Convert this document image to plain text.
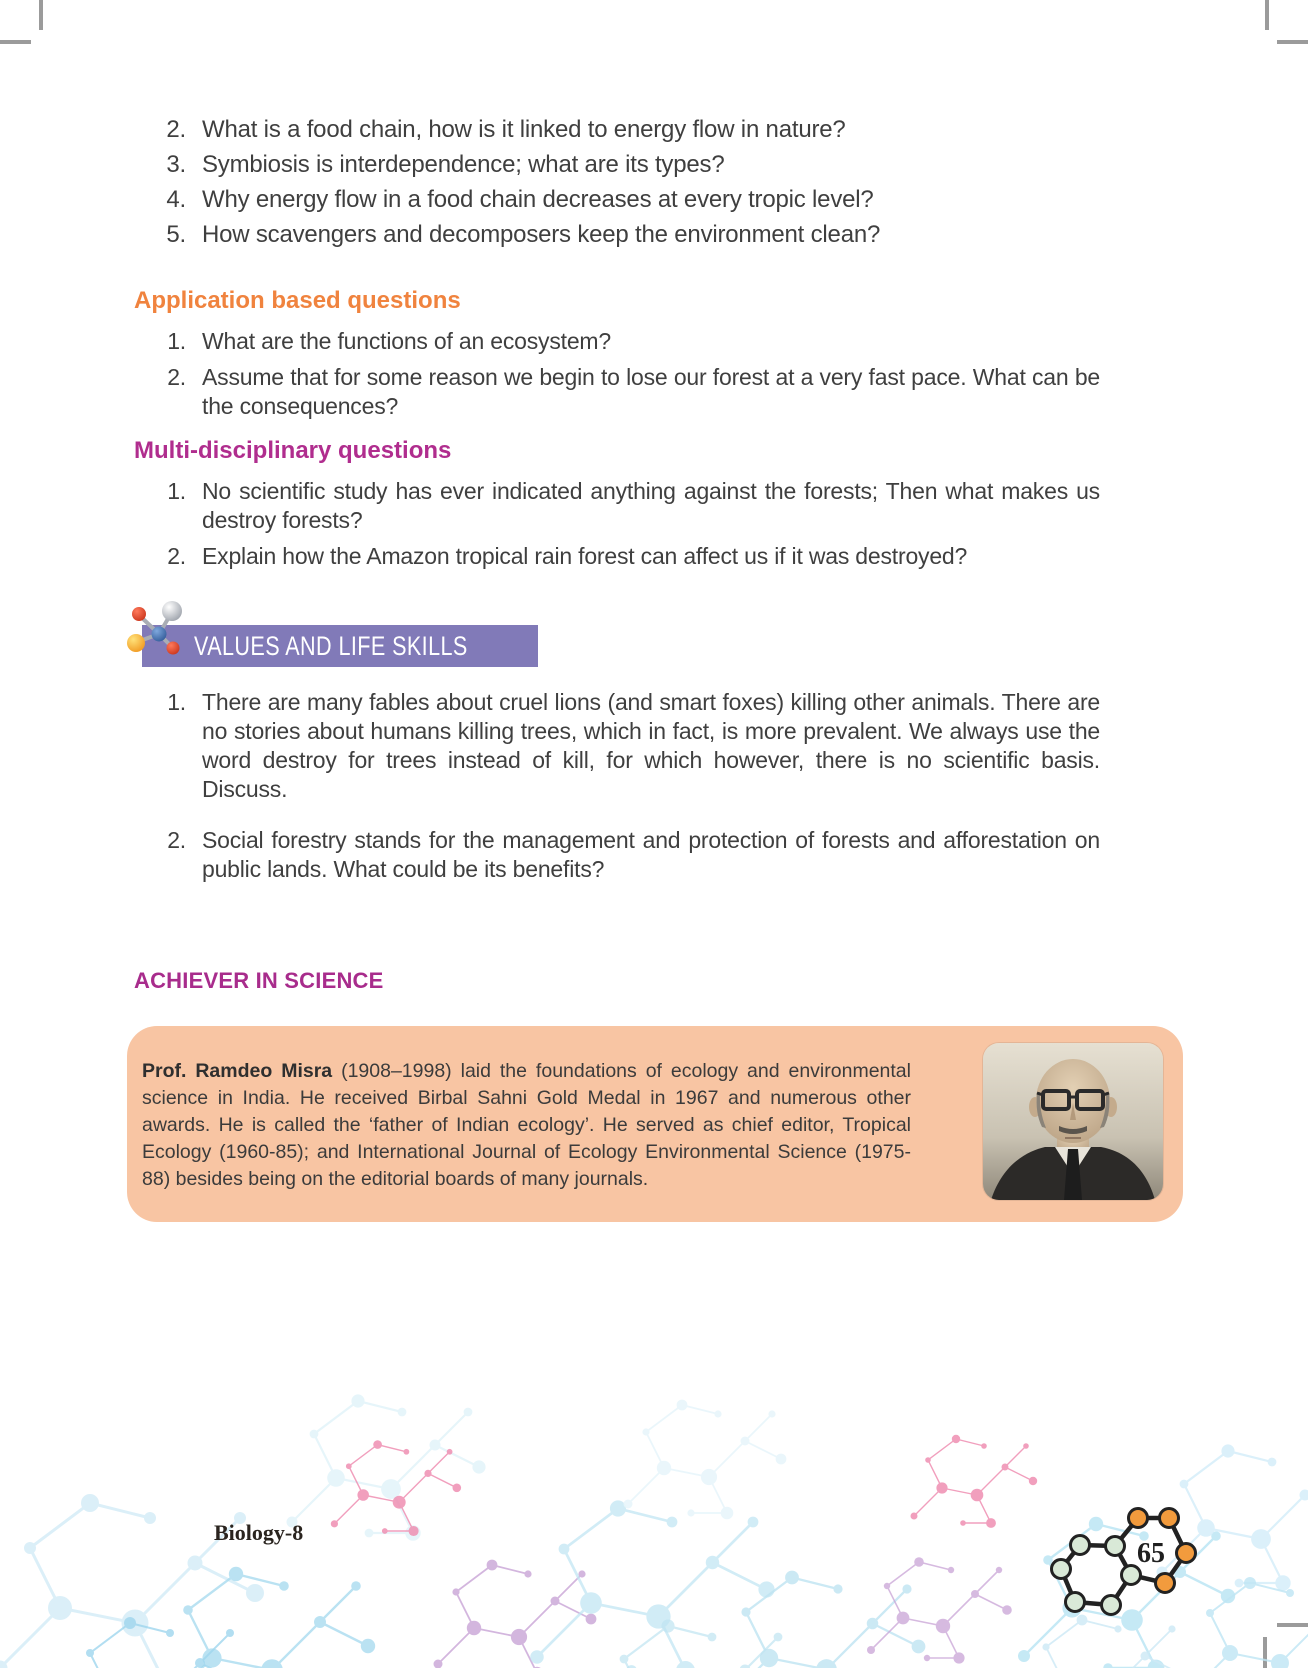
2. What is a food chain, how is it linked to energy flow in nature?
3. Symbiosis is interdependence; what are its types?
4. Why energy flow in a food chain decreases at every tropic level?
5. How scavengers and decomposers keep the environment clean?
Application based questions
1. What are the functions of an ecosystem?
2. Assume that for some reason we begin to lose our forest at a very fast pace. What can be the consequences?
Multi-disciplinary questions
1. No scientific study has ever indicated anything against the forests; Then what makes us destroy forests?
2. Explain how the Amazon tropical rain forest can affect us if it was destroyed?
VALUES AND LIFE SKILLS
1. There are many fables about cruel lions (and smart foxes) killing other animals. There are no stories about humans killing trees, which in fact, is more prevalent. We always use the word destroy for trees instead of kill, for which however, there is no scientific basis. Discuss.
2. Social forestry stands for the management and protection of forests and afforestation on public lands. What could be its benefits?
ACHIEVER IN SCIENCE

Prof. Ramdeo Misra (1908–1998) laid the foundations of ecology and environmental science in India. He received Birbal Sahni Gold Medal in 1967 and numerous other awards. He is called the ‘father of Indian ecology’. He served as chief editor, Tropical Ecology (1960-85); and International Journal of Ecology Environmental Science (1975-88) besides being on the editorial boards of many journals.

Biology-8
65
